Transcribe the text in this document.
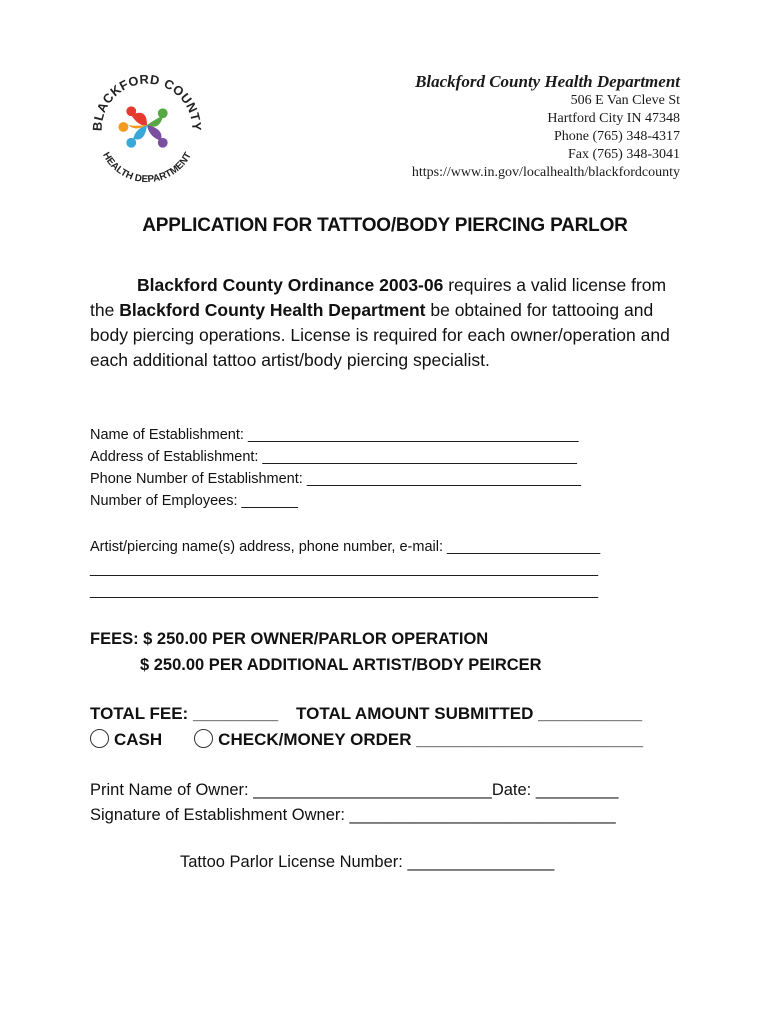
BLACKFORD COUNTY
HEALTH DEPARTMENT
Blackford County Health Department
506 E Van Cleve St
Hartford City IN 47348
Phone (765) 348-4317
Fax (765) 348-3041
https://www.in.gov/localhealth/blackfordcounty
APPLICATION FOR TATTOO/BODY PIERCING PARLOR

Blackford County Ordinance 2003-06 requires a valid license from the Blackford County Health Department be obtained for tattooing and body piercing operations. License is required for each owner/operation and each additional tattoo artist/body piercing specialist.

Name of Establishment: _________________________________________
Address of Establishment: _______________________________________
Phone Number of Establishment: __________________________________
Number of Employees: _______
Artist/piercing name(s) address, phone number, e-mail: ___________________
_______________________________________________________________
_______________________________________________________________
FEES: $ 250.00 PER OWNER/PARLOR OPERATION
$ 250.00 PER ADDITIONAL ARTIST/BODY PEIRCER
TOTAL FEE: _________ TOTAL AMOUNT SUBMITTED ___________
CASH	CHECK/MONEY ORDER ________________________
Print Name of Owner: __________________________Date: _________
Signature of Establishment Owner: _____________________________
Tattoo Parlor License Number: ________________
